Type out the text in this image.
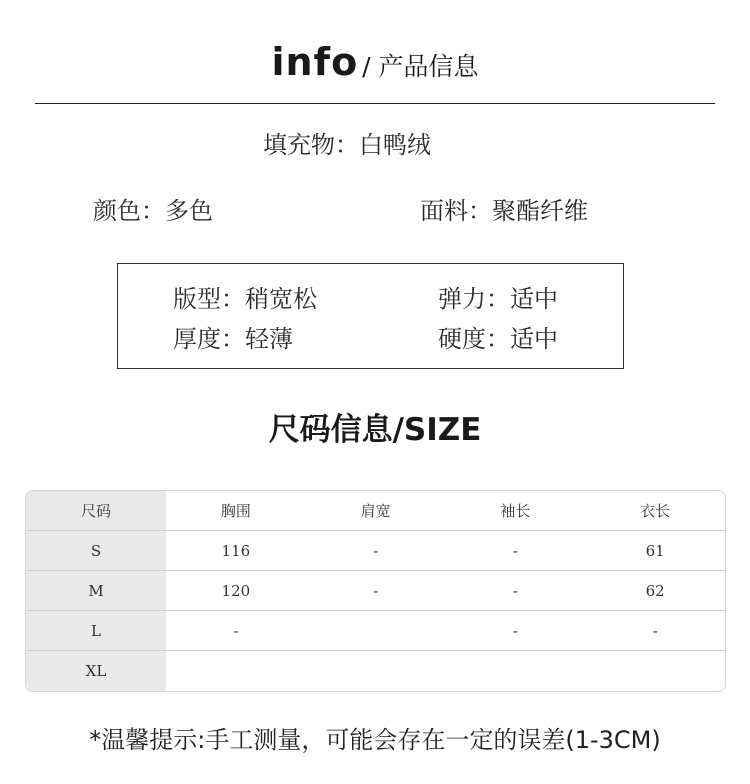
info / 产品信息
填充物：白鸭绒
颜色：多色	面料：聚酯纤维
版型：稍宽松	弹力：适中
厚度：轻薄	硬度：适中
尺码信息/SIZE
尺码	胸围	肩宽	袖长	衣长
S	116	-	-	61
M	120	-	-	62
L	-		-	-
XL				
*温馨提示:手工测量，可能会存在一定的误差(1-3CM)
